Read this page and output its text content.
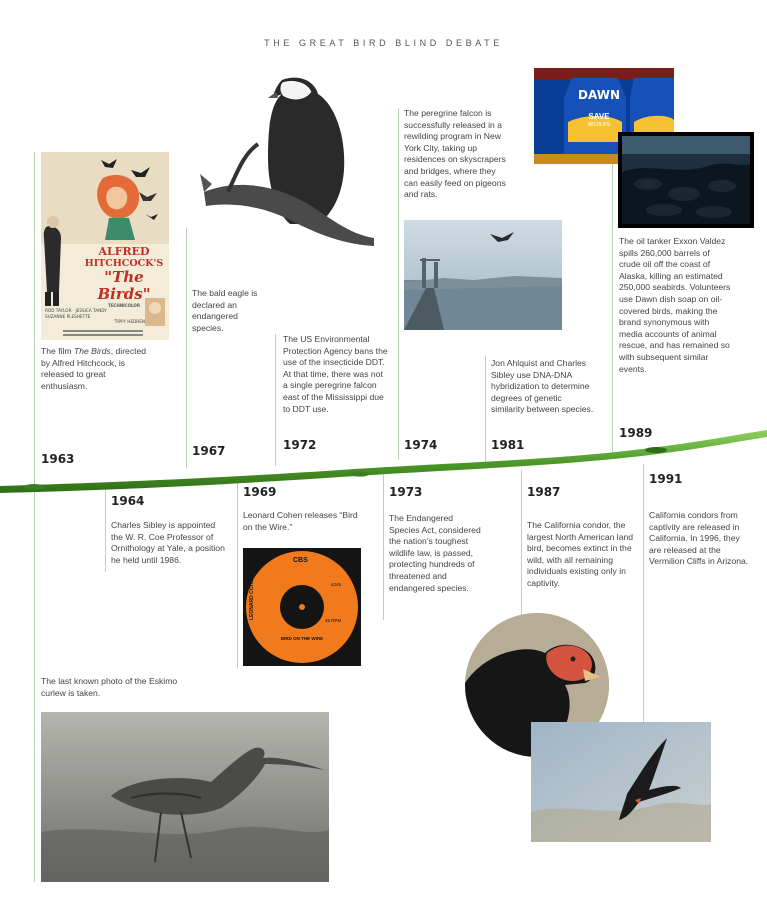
THE GREAT BIRD BLIND DEBATE
ALFRED
HITCHCOCK'S
"The Birds"
TECHNICOLOR
ROD TAYLOR · JESSICA TANDY
SUZANNE PLESHETTE
'TIPPI' HEDREN
The film The Birds, directed by Alfred Hitchcock, is released to great enthusiasm.
1963
The last known photo of the Eskimo curlew is taken.
1964
Charles Sibley is appointed the W. R. Coe Professor of Ornithology at Yale, a position he held until 1986.
The bald eagle is declared an endangered species.
1967
1969
Leonard Cohen releases “Bird on the Wire.”
CBS
LEONARD COHEN	4245
45 RPM
BIRD ON THE WIRE
The US Environmental Protection Agency bans the use of the insecticide DDT. At that time, there was not a single peregrine falcon east of the Mississippi due to DDT use.
1972
1973
The Endangered Species Act, considered the nation’s toughest wildlife law, is passed, protecting hundreds of threatened and endangered species.
The peregrine falcon is successfully released in a rewilding program in New York City, taking up residences on skyscrapers and bridges, where they can easily feed on pigeons and rats.
1974
Jon Ahlquist and Charles Sibley use DNA-DNA hybridization to determine degrees of genetic similarity between species.
1981
1987
The California condor, the largest North American land bird, becomes extinct in the wild, with all remaining individuals existing only in captivity.
DAWN
SAVE
WILDLIFE
The oil tanker Exxon Valdez spills 260,000 barrels of crude oil off the coast of Alaska, killing an estimated 250,000 seabirds. Volunteers use Dawn dish soap on oil-covered birds, making the brand synonymous with media accounts of animal rescue, and has remained so with subsequent similar events.
1989
1991
California condors from captivity are released in California. In 1996, they are released at the Vermilion Cliffs in Arizona.
